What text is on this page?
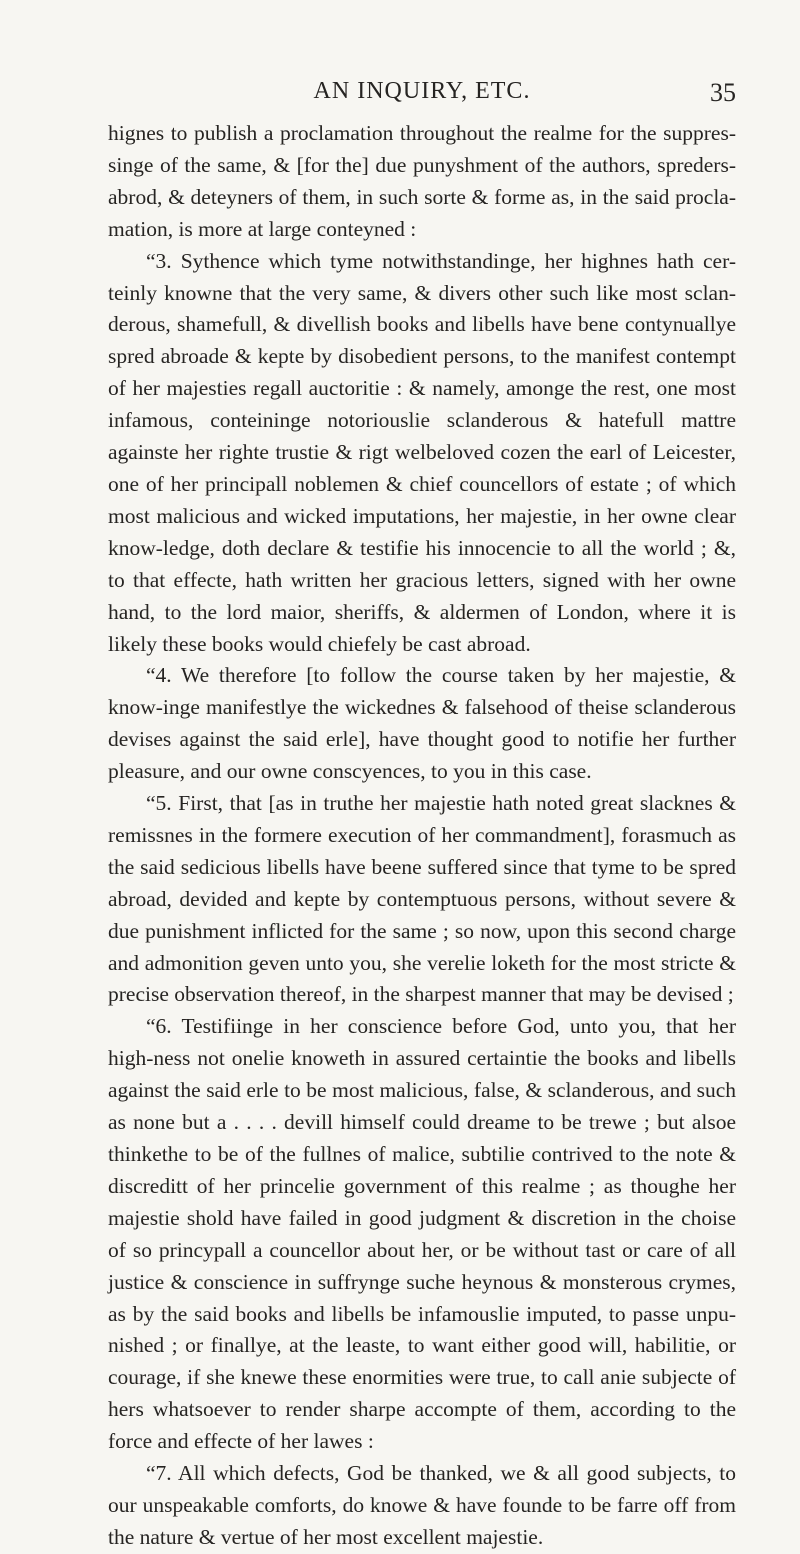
AN INQUIRY, ETC.	35

hignes to publish a proclamation throughout the realme for the suppres-singe of the same, & [for the] due punyshment of the authors, spreders-abrod, & deteyners of them, in such sorte & forme as, in the said procla-mation, is more at large conteyned :

“3. Sythence which tyme notwithstandinge, her highnes hath cer-teinly knowne that the very same, & divers other such like most sclan-derous, shamefull, & divellish books and libells have bene contynuallye spred abroade & kepte by disobedient persons, to the manifest contempt of her majesties regall auctoritie : & namely, amonge the rest, one most infamous, conteininge notoriouslie sclanderous & hatefull mattre againste her righte trustie & rigt welbeloved cozen the earl of Leicester, one of her principall noblemen & chief councellors of estate ; of which most malicious and wicked imputations, her majestie, in her owne clear know-ledge, doth declare & testifie his innocencie to all the world ; &, to that effecte, hath written her gracious letters, signed with her owne hand, to the lord maior, sheriffs, & aldermen of London, where it is likely these books would chiefely be cast abroad.

“4. We therefore [to follow the course taken by her majestie, & know-inge manifestlye the wickednes & falsehood of theise sclanderous devises against the said erle], have thought good to notifie her further pleasure, and our owne conscyences, to you in this case.

“5. First, that [as in truthe her majestie hath noted great slacknes & remissnes in the formere execution of her commandment], forasmuch as the said sedicious libells have beene suffered since that tyme to be spred abroad, devided and kepte by contemptuous persons, without severe & due punishment inflicted for the same ; so now, upon this second charge and admonition geven unto you, she verelie loketh for the most stricte & precise observation thereof, in the sharpest manner that may be devised ;

“6. Testifiinge in her conscience before God, unto you, that her high-ness not onelie knoweth in assured certaintie the books and libells against the said erle to be most malicious, false, & sclanderous, and such as none but a . . . . devill himself could dreame to be trewe ; but alsoe thinkethe to be of the fullnes of malice, subtilie contrived to the note & discreditt of her princelie government of this realme ; as thoughe her majestie shold have failed in good judgment & discretion in the choise of so princypall a councellor about her, or be without tast or care of all justice & conscience in suffrynge suche heynous & monsterous crymes, as by the said books and libells be infamouslie imputed, to passe unpu-nished ; or finallye, at the leaste, to want either good will, habilitie, or courage, if she knewe these enormities were true, to call anie subjecte of hers whatsoever to render sharpe accompte of them, according to the force and effecte of her lawes :

“7. All which defects, God be thanked, we & all good subjects, to our unspeakable comforts, do knowe & have founde to be farre off from the nature & vertue of her most excellent majestie.
